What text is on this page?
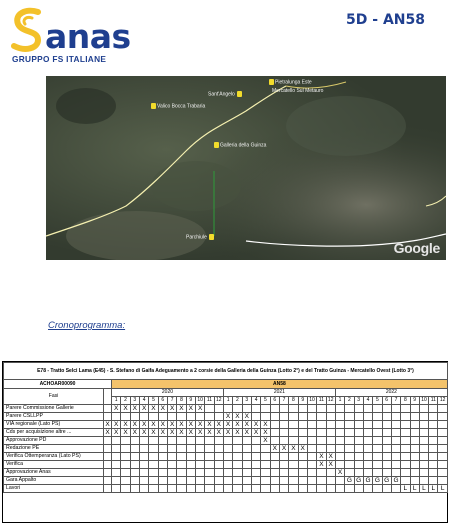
anas
GRUPPO FS ITALIANE
5D - AN58
Pietralunga Este
Mercatello Sul Metauro
Sant'Angelo
Valico Bocca Trabaria
Galleria della Guinza
Parchiule
Google
Cronoprogramma:
E78 - Tratto Selci Lama (E45) - S. Stefano di Gaifa Adeguamento a 2 corsie della Galleria della Guinza (Lotto 2°) e del Tratto Guinza - Mercatello Ovest (Lotto 3°)																																					
ACHOAR00090		AN58																																			
Fasi		2020												2021												2022											
		1	2	3	4	5	6	7	8	9	10	11	12	1	2	3	4	5	6	7	8	9	10	11	12	1	2	3	4	5	6	7	8	9	10	11	12
Parere Commissione Gallerie		X	X	X	X	X	X	X	X	X	X																										
Parere CSLLPP														X	X	X																					
VIA regionale (Lato PS)	X	X	X	X	X	X	X	X	X	X	X	X	X	X	X	X	X	X																			
Cds per acquisizione altre ...	X	X	X	X	X	X	X	X	X	X	X	X	X	X	X	X	X	X																			
Approvazione PD																		X																			
Redazione PE																			X	X	X	X															
Verifica Ottemperanza (Lato PS)																								X	X												
Verifica																								X	X												
Approvazione Anas																										X											
Gara Appalto																											G	G	G	G	G	G					
Lavori																																	L	L	L	L	L
